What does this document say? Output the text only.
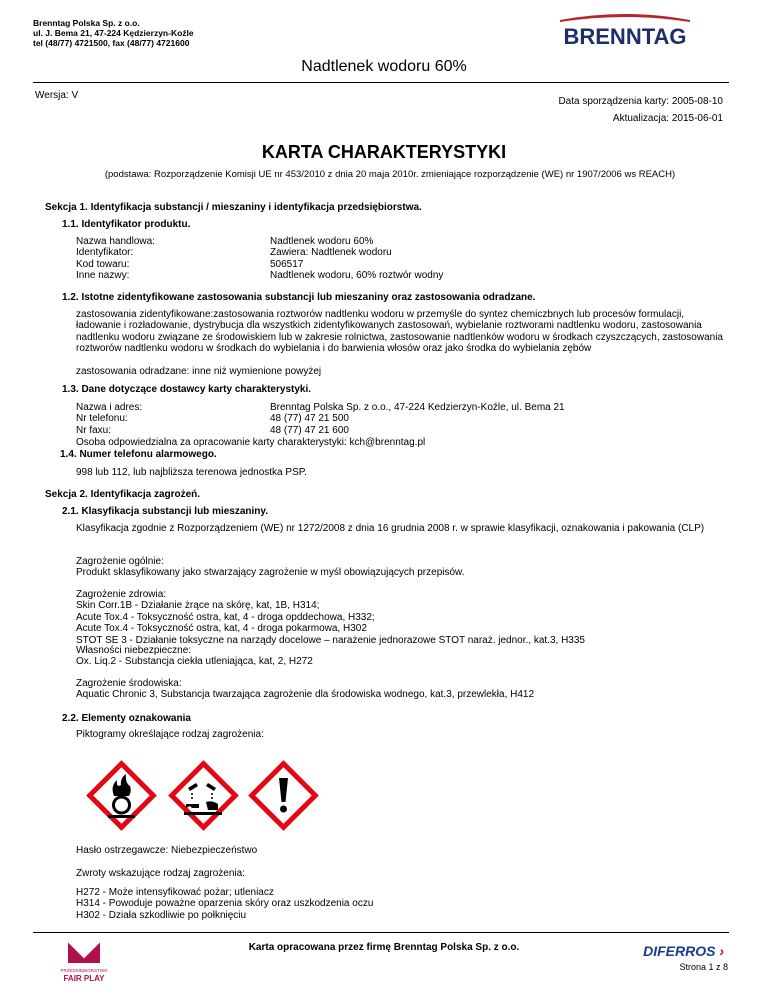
Brenntag Polska Sp. z o.o.
ul. J. Bema 21, 47-224 Kędzierzyn-Koźle
tel (48/77) 4721500, fax (48/77) 4721600	BRENNTAG
Nadtlenek wodoru 60%
Wersja: V
Data sporządzenia karty: 2005-08-10
Aktualizacja: 2015-06-01
KARTA CHARAKTERYSTYKI
(podstawa: Rozporządzenie Komisji UE nr 453/2010 z dnia 20 maja 2010r. zmieniające rozporządzenie (WE) nr 1907/2006 ws REACH)
Sekcja 1. Identyfikacja substancji / mieszaniny i identyfikacja przedsiębiorstwa.
1.1. Identyfikator produktu.
Nazwa handlowa:	Nadtlenek wodoru 60%
Identyfikator:	Zawiera: Nadtlenek wodoru
Kod towaru:	506517
Inne nazwy:	Nadtlenek wodoru, 60% roztwór wodny
1.2. Istotne zidentyfikowane zastosowania substancji lub mieszaniny oraz zastosowania odradzane.
zastosowania zidentyfikowane:zastosowania roztworów nadtlenku wodoru w przemyśle do syntez chemiczbnych lub procesów formulacji, ładowanie i rozładowanie, dystrybucja dla wszystkich zidentyfikowanych zastosowań, wybielanie roztworami nadtlenku wodoru, zastosowania nadtlenku wodoru związane ze środowiskiem lub w zakresie rolnictwa, zastosowanie nadtlenków wodoru w środkach czyszczących, zastosowania roztworów nadtlenku wodoru w środkach do wybielania i do barwienia włosów oraz jako środka do wybielania zębów
zastosowania odradzane: inne niż wymienione powyżej
1.3. Dane dotyczące dostawcy karty charakterystyki.
Nazwa i adres:	Brenntag Polska Sp. z o.o., 47-224 Kedzierzyn-Koźle, ul. Bema 21
Nr telefonu:	48 (77) 47 21 500
Nr faxu:	48 (77) 47 21 600
Osoba odpowiedzialna za opracowanie karty charakterystyki: kch@brenntag.pl
1.4. Numer telefonu alarmowego.
998 lub 112, lub najbliższa terenowa jednostka PSP.
Sekcja 2. Identyfikacja zagrożeń.
2.1. Klasyfikacja substancji lub mieszaniny.
Klasyfikacja zgodnie z Rozporządzeniem (WE) nr 1272/2008 z dnia 16 grudnia 2008 r. w sprawie klasyfikacji, oznakowania i pakowania (CLP)
Zagrożenie ogólnie:
Produkt sklasyfikowany jako stwarzający zagrożenie w myśl obowiązujących przepisów.

Zagrożenie zdrowia:

Skin Corr.1B - Działanie żrące na skórę, kat, 1B, H314;

Acute Tox.4 - Toksyczność ostra, kat, 4 - droga opddechowa, H332;

Acute Tox.4 - Toksyczność ostra, kat, 4 - droga pokarmowa, H302

STOT SE 3 - Działanie toksyczne na narządy docelowe – narażenie jednorazowe STOT naraż. jednor., kat.3, H335

Własności niebezpieczne:
Ox. Liq.2 - Substancja ciekła utleniająca, kat, 2, H272
Zagrożenie środowiska:
Aquatic Chronic 3, Substancja twarzająca zagrożenie dla środowiska wodnego, kat.3, przewlekła, H412
2.2. Elementy oznakowania
Piktogramy określające rodzaj zagrożenia:
Hasło ostrzegawcze: Niebezpieczeństwo
Zwroty wskazujące rodzaj zagrożenia:

H272 - Może intensyfikować pożar; utleniacz

H314 - Powoduje poważne oparzenia skóry oraz uszkodzenia oczu

H302 - Działa szkodliwie po połknięciu

PRZEDSIĘBIORSTWO
FAIR PLAY
Karta opracowana przez firmę Brenntag Polska Sp. z o.o.	DIFERROS ›
Strona 1 z 8
